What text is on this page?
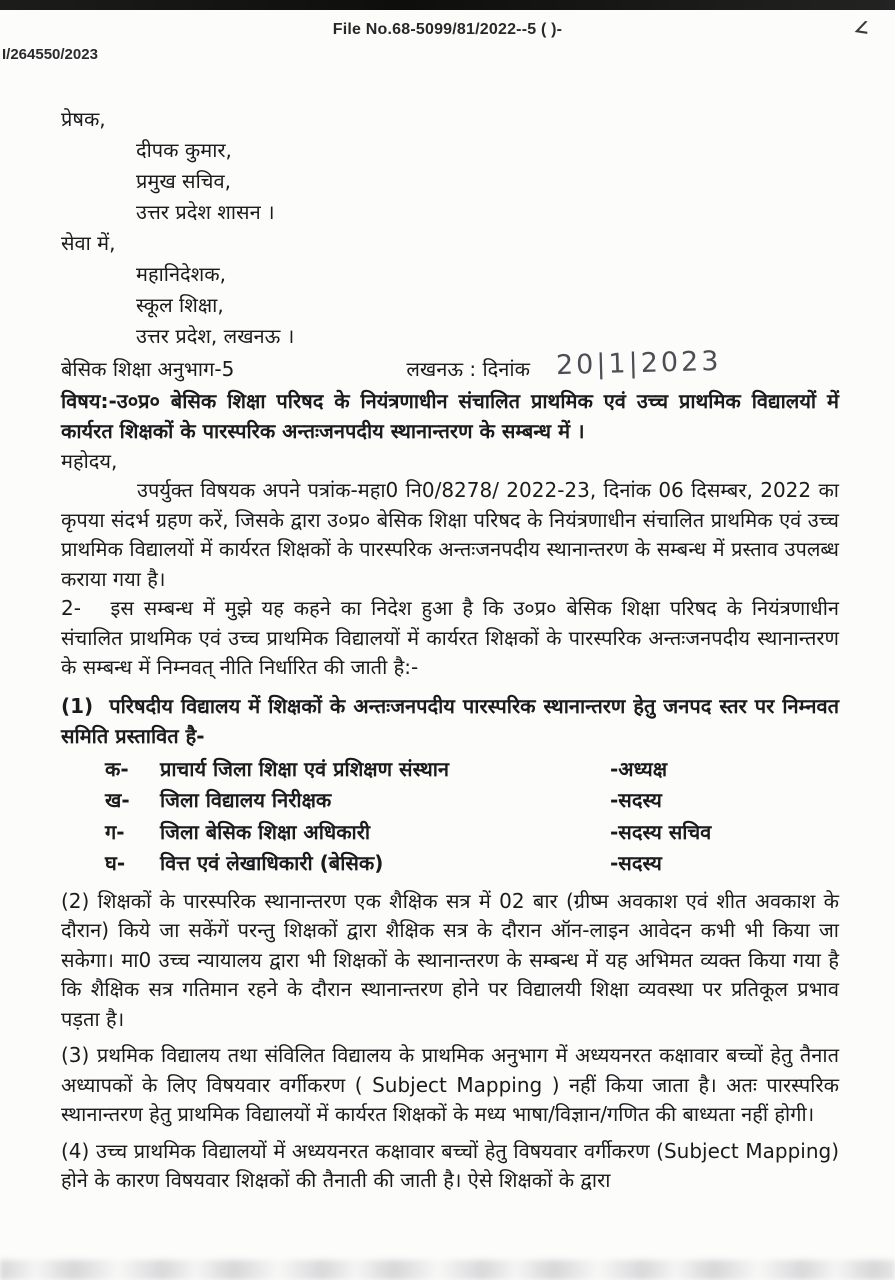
File No.68-5099/81/2022--5 ( )-
I/264550/2023
∠
प्रेषक,
दीपक कुमार,
प्रमुख सचिव,
उत्तर प्रदेश शासन ।
सेवा में,
महानिदेशक,
स्कूल शिक्षा,
उत्तर प्रदेश, लखनऊ ।
बेसिक शिक्षा अनुभाग-5	लखनऊ : दिनांक 20|1|2023
विषय:-उ०प्र० बेसिक शिक्षा परिषद के नियंत्रणाधीन संचालित प्राथमिक एवं उच्च प्राथमिक विद्यालयों में कार्यरत शिक्षकों के पारस्परिक अन्तःजनपदीय स्थानान्तरण के सम्बन्ध में ।
महोदय,
उपर्युक्त विषयक अपने पत्रांक-महा0 नि0/8278/ 2022-23, दिनांक 06 दिसम्बर, 2022 का कृपया संदर्भ ग्रहण करें, जिसके द्वारा उ०प्र० बेसिक शिक्षा परिषद के नियंत्रणाधीन संचालित प्राथमिक एवं उच्च प्राथमिक विद्यालयों में कार्यरत शिक्षकों के पारस्परिक अन्तःजनपदीय स्थानान्तरण के सम्बन्ध में प्रस्ताव उपलब्ध कराया गया है।
2-   इस सम्बन्ध में मुझे यह कहने का निदेश हुआ है कि उ०प्र० बेसिक शिक्षा परिषद के नियंत्रणाधीन संचालित प्राथमिक एवं उच्च प्राथमिक विद्यालयों में कार्यरत शिक्षकों के पारस्परिक अन्तःजनपदीय स्थानान्तरण के सम्बन्ध में निम्नवत् नीति निर्धारित की जाती है:-
(1)  परिषदीय विद्यालय में शिक्षकों के अन्तःजनपदीय पारस्परिक स्थानान्तरण हेतु जनपद स्तर पर निम्नवत समिति प्रस्तावित है-
क-	प्राचार्य जिला शिक्षा एवं प्रशिक्षण संस्थान	-अध्यक्ष
ख-	जिला विद्यालय निरीक्षक	-सदस्य
ग-	जिला बेसिक शिक्षा अधिकारी	-सदस्य सचिव
घ-	वित्त एवं लेखाधिकारी (बेसिक)	-सदस्य
(2) शिक्षकों के पारस्परिक स्थानान्तरण एक शैक्षिक सत्र में 02 बार (ग्रीष्म अवकाश एवं शीत अवकाश के दौरान) किये जा सकेंगें परन्तु शिक्षकों द्वारा शैक्षिक सत्र के दौरान ऑन-लाइन आवेदन कभी भी किया जा सकेगा। मा0 उच्च न्यायालय द्वारा भी शिक्षकों के स्थानान्तरण के सम्बन्ध में यह अभिमत व्यक्त किया गया है कि शैक्षिक सत्र गतिमान रहने के दौरान स्थानान्तरण होने पर विद्यालयी शिक्षा व्यवस्था पर प्रतिकूल प्रभाव पड़ता है।
(3) प्रथमिक विद्यालय तथा संविलित विद्यालय के प्राथमिक अनुभाग में अध्ययनरत कक्षावार बच्चों हेतु तैनात अध्यापकों के लिए विषयवार वर्गीकरण ( Subject Mapping ) नहीं किया जाता है। अतः पारस्परिक स्थानान्तरण हेतु प्राथमिक विद्यालयों में कार्यरत शिक्षकों के मध्य भाषा/विज्ञान/गणित की बाध्यता नहीं होगी।
(4) उच्च प्राथमिक विद्यालयों में अध्ययनरत कक्षावार बच्चों हेतु विषयवार वर्गीकरण (Subject Mapping) होने के कारण विषयवार शिक्षकों की तैनाती की जाती है। ऐसे शिक्षकों के द्वारा
